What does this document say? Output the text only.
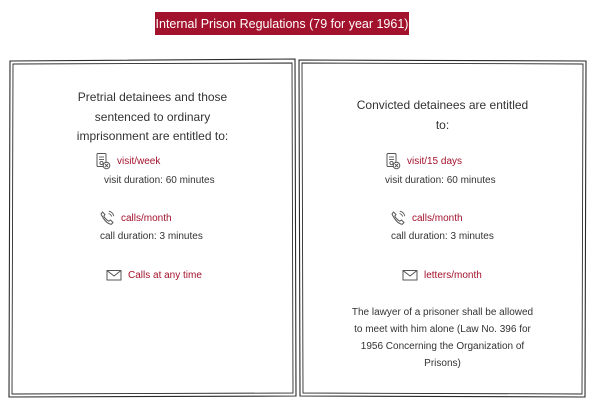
Internal Prison Regulations (79 for year 1961)
Pretrial detainees and those sentenced to ordinary imprisonment are entitled to:
visit/week
visit duration: 60 minutes
calls/month
call duration: 3 minutes
Calls at any time
Convicted detainees are entitled to:
visit/15 days
visit duration: 60 minutes
calls/month
call duration: 3 minutes
letters/month
The lawyer of a prisoner shall be allowed to meet with him alone (Law No. 396 for 1956 Concerning the Organization of Prisons)
